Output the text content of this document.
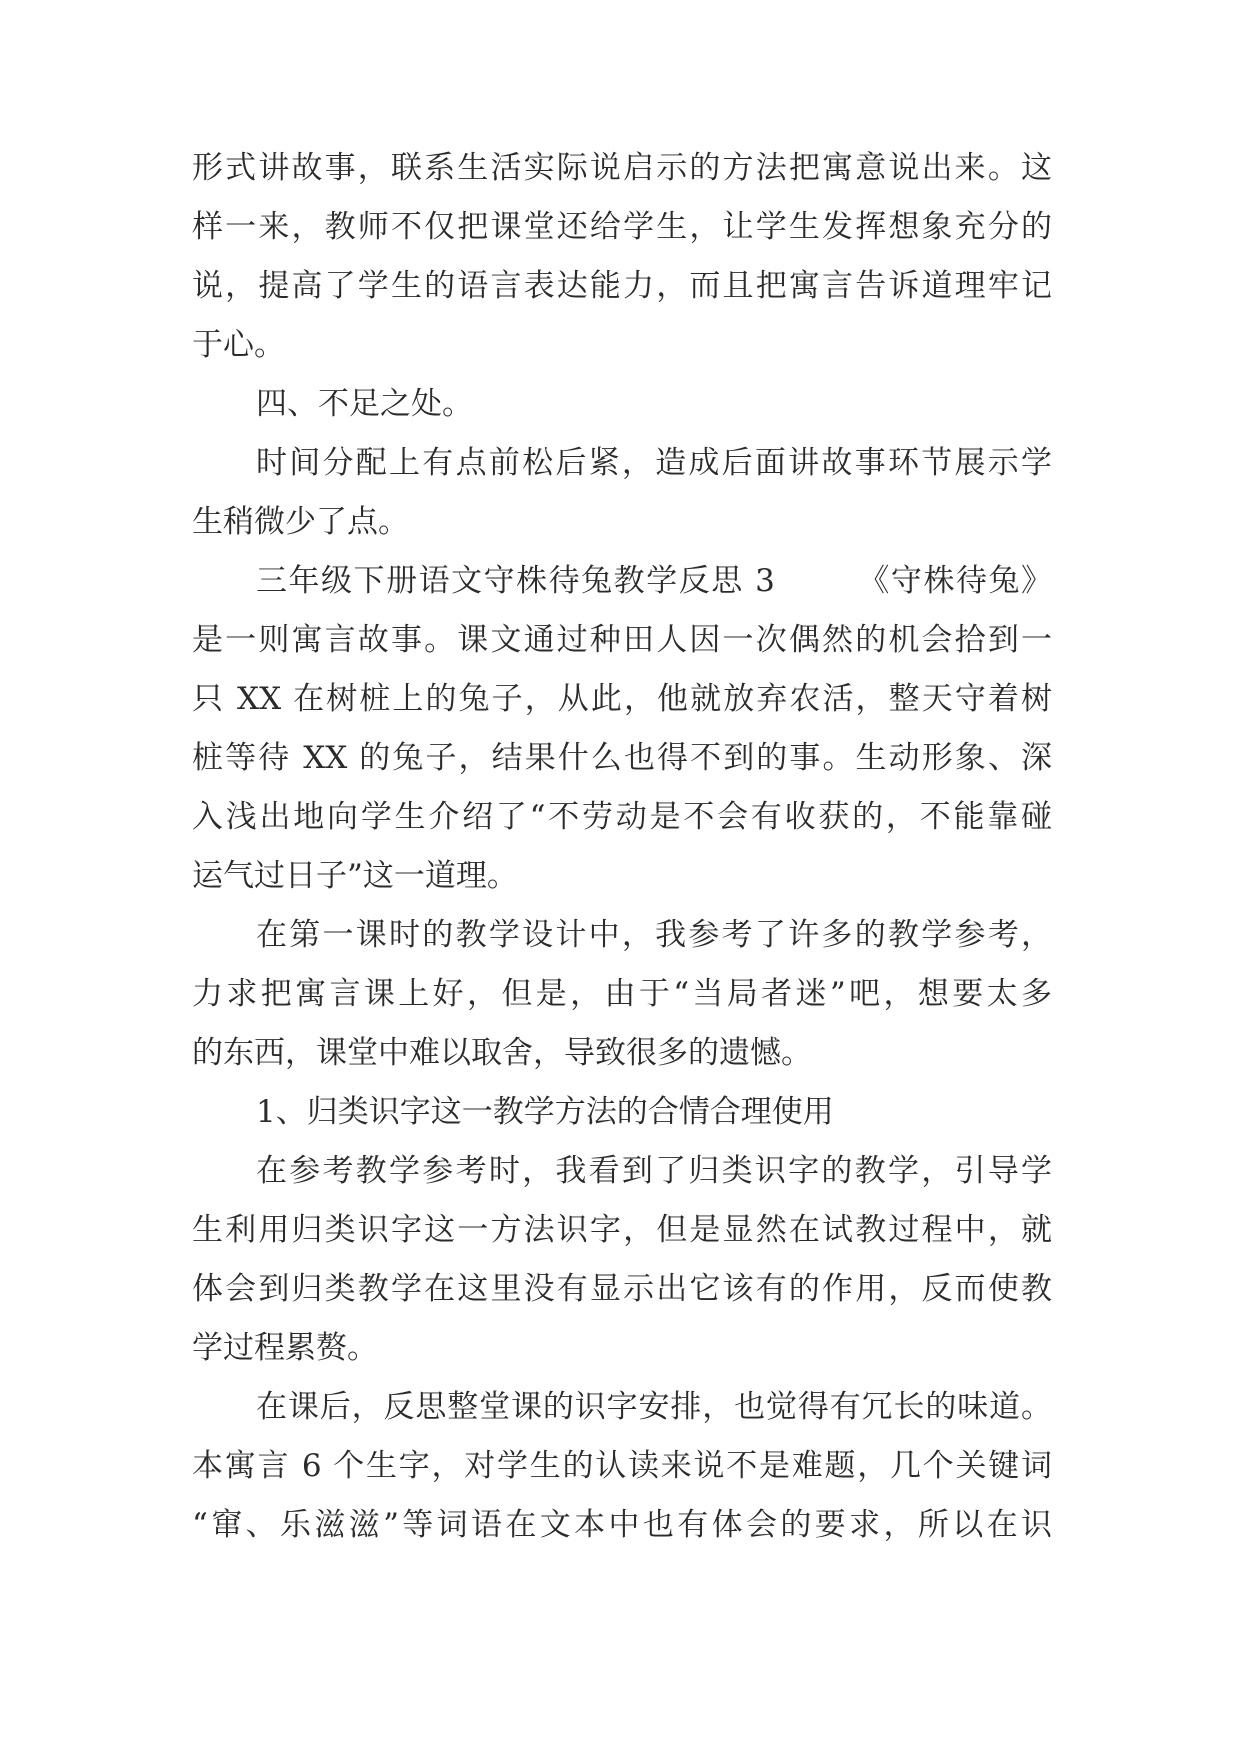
形式讲故事，联系生活实际说启示的方法把寓意说出来。这
样一来，教师不仅把课堂还给学生，让学生发挥想象充分的
说，提高了学生的语言表达能力，而且把寓言告诉道理牢记
于心。
四、不足之处。
时间分配上有点前松后紧，造成后面讲故事环节展示学
生稍微少了点。
三年级下册语文守株待兔教学反思 3　　　《守株待兔》
是一则寓言故事。课文通过种田人因一次偶然的机会拾到一
只 XX 在树桩上的兔子，从此，他就放弃农活，整天守着树
桩等待 XX 的兔子，结果什么也得不到的事。生动形象、深
入浅出地向学生介绍了“不劳动是不会有收获的，不能靠碰
运气过日子”这一道理。
在第一课时的教学设计中，我参考了许多的教学参考，
力求把寓言课上好，但是，由于“当局者迷”吧，想要太多
的东西，课堂中难以取舍，导致很多的遗憾。
1、归类识字这一教学方法的合情合理使用
在参考教学参考时，我看到了归类识字的教学，引导学
生利用归类识字这一方法识字，但是显然在试教过程中，就
体会到归类教学在这里没有显示出它该有的作用，反而使教
学过程累赘。
在课后，反思整堂课的识字安排，也觉得有冗长的味道。
本寓言 6 个生字，对学生的认读来说不是难题，几个关键词
“窜、乐滋滋”等词语在文本中也有体会的要求，所以在识
